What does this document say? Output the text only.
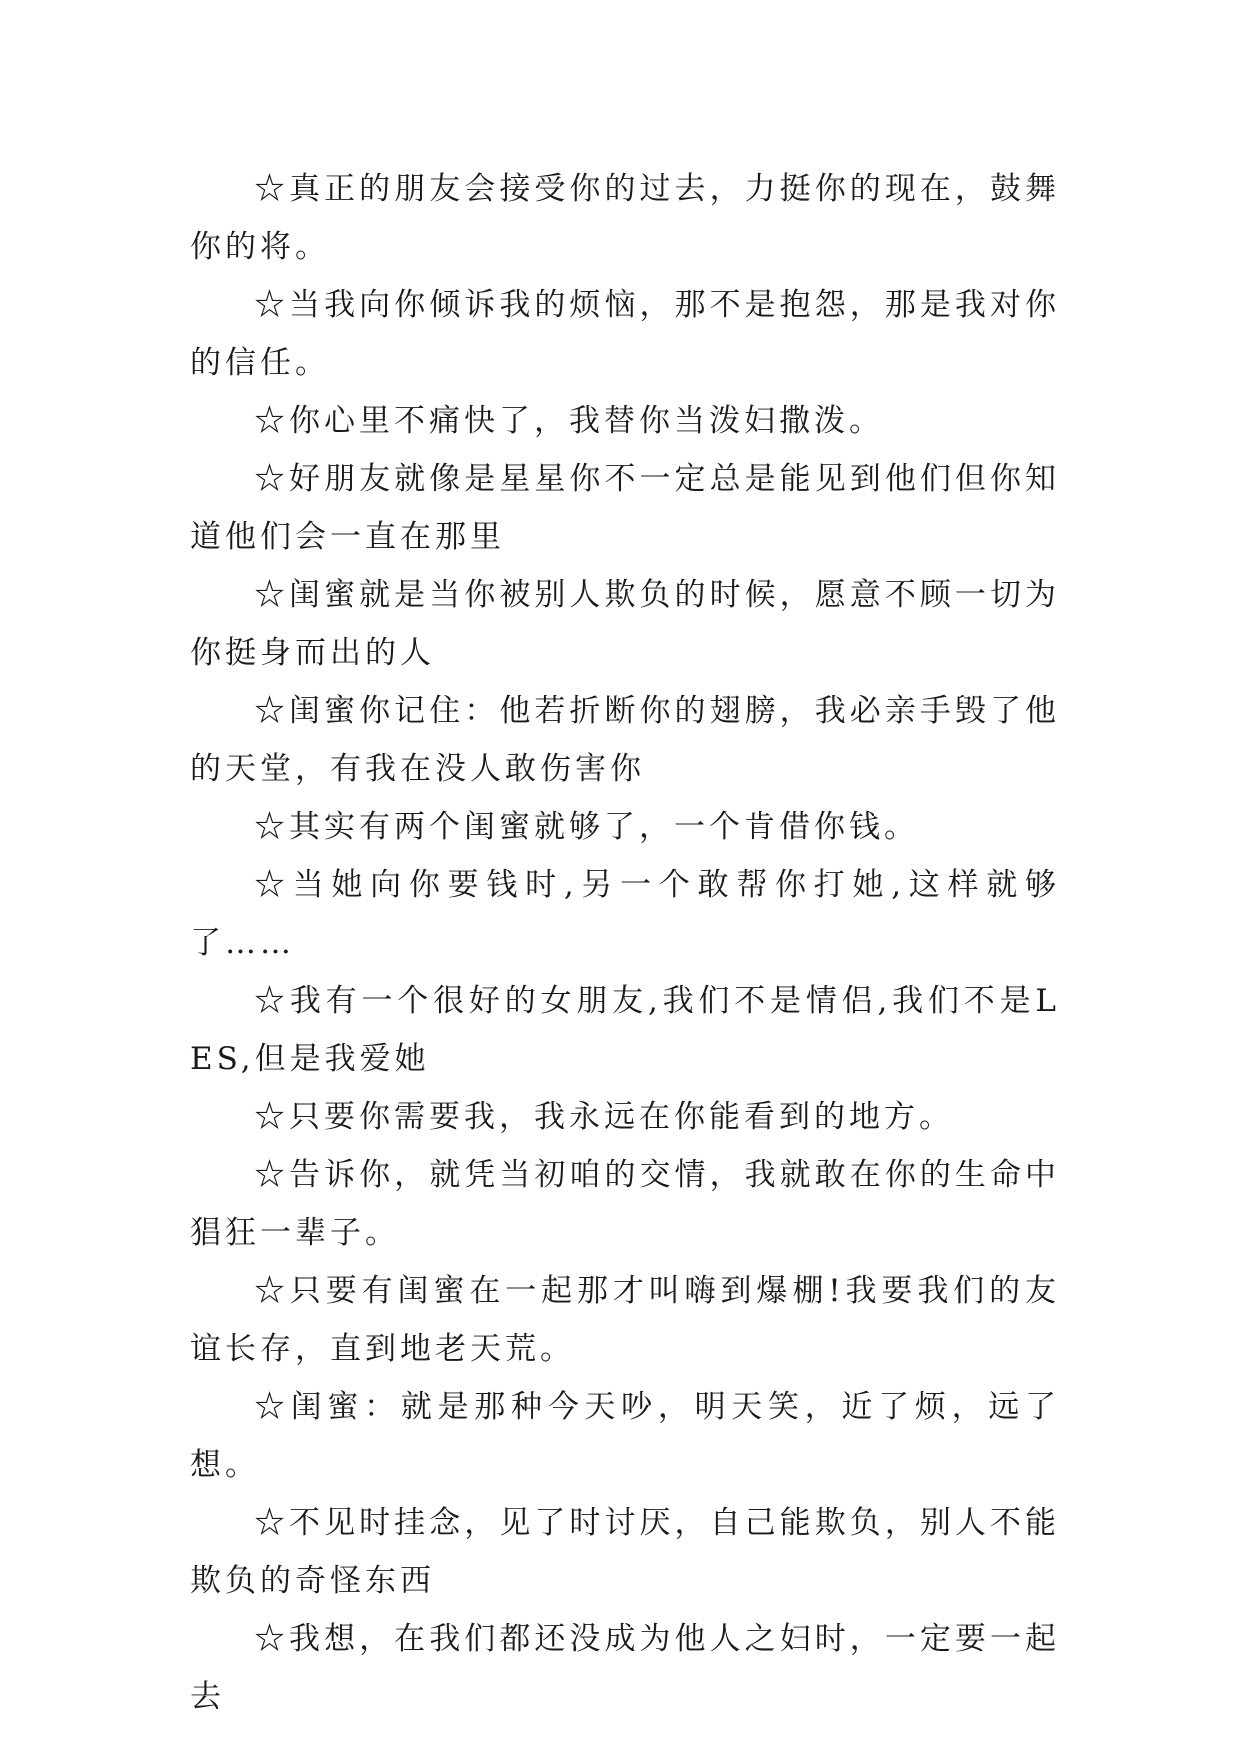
☆真正的朋友会接受你的过去，力挺你的现在，鼓舞你的将。

☆当我向你倾诉我的烦恼，那不是抱怨，那是我对你的信任。

☆你心里不痛快了，我替你当泼妇撒泼。

☆好朋友就像是星星你不一定总是能见到他们但你知道他们会一直在那里

☆闺蜜就是当你被别人欺负的时候，愿意不顾一切为你挺身而出的人

☆闺蜜你记住：他若折断你的翅膀，我必亲手毁了他的天堂，有我在没人敢伤害你

☆其实有两个闺蜜就够了，一个肯借你钱。

☆当她向你要钱时,另一个敢帮你打她,这样就够了……

☆我有一个很好的女朋友,我们不是情侣,我们不是LES,但是我爱她

☆只要你需要我，我永远在你能看到的地方。

☆告诉你，就凭当初咱的交情，我就敢在你的生命中猖狂一辈子。

☆只要有闺蜜在一起那才叫嗨到爆棚!我要我们的友谊长存，直到地老天荒。

☆闺蜜：就是那种今天吵，明天笑，近了烦，远了想。

☆不见时挂念，见了时讨厌，自己能欺负，别人不能欺负的奇怪东西

☆我想，在我们都还没成为他人之妇时，一定要一起去
